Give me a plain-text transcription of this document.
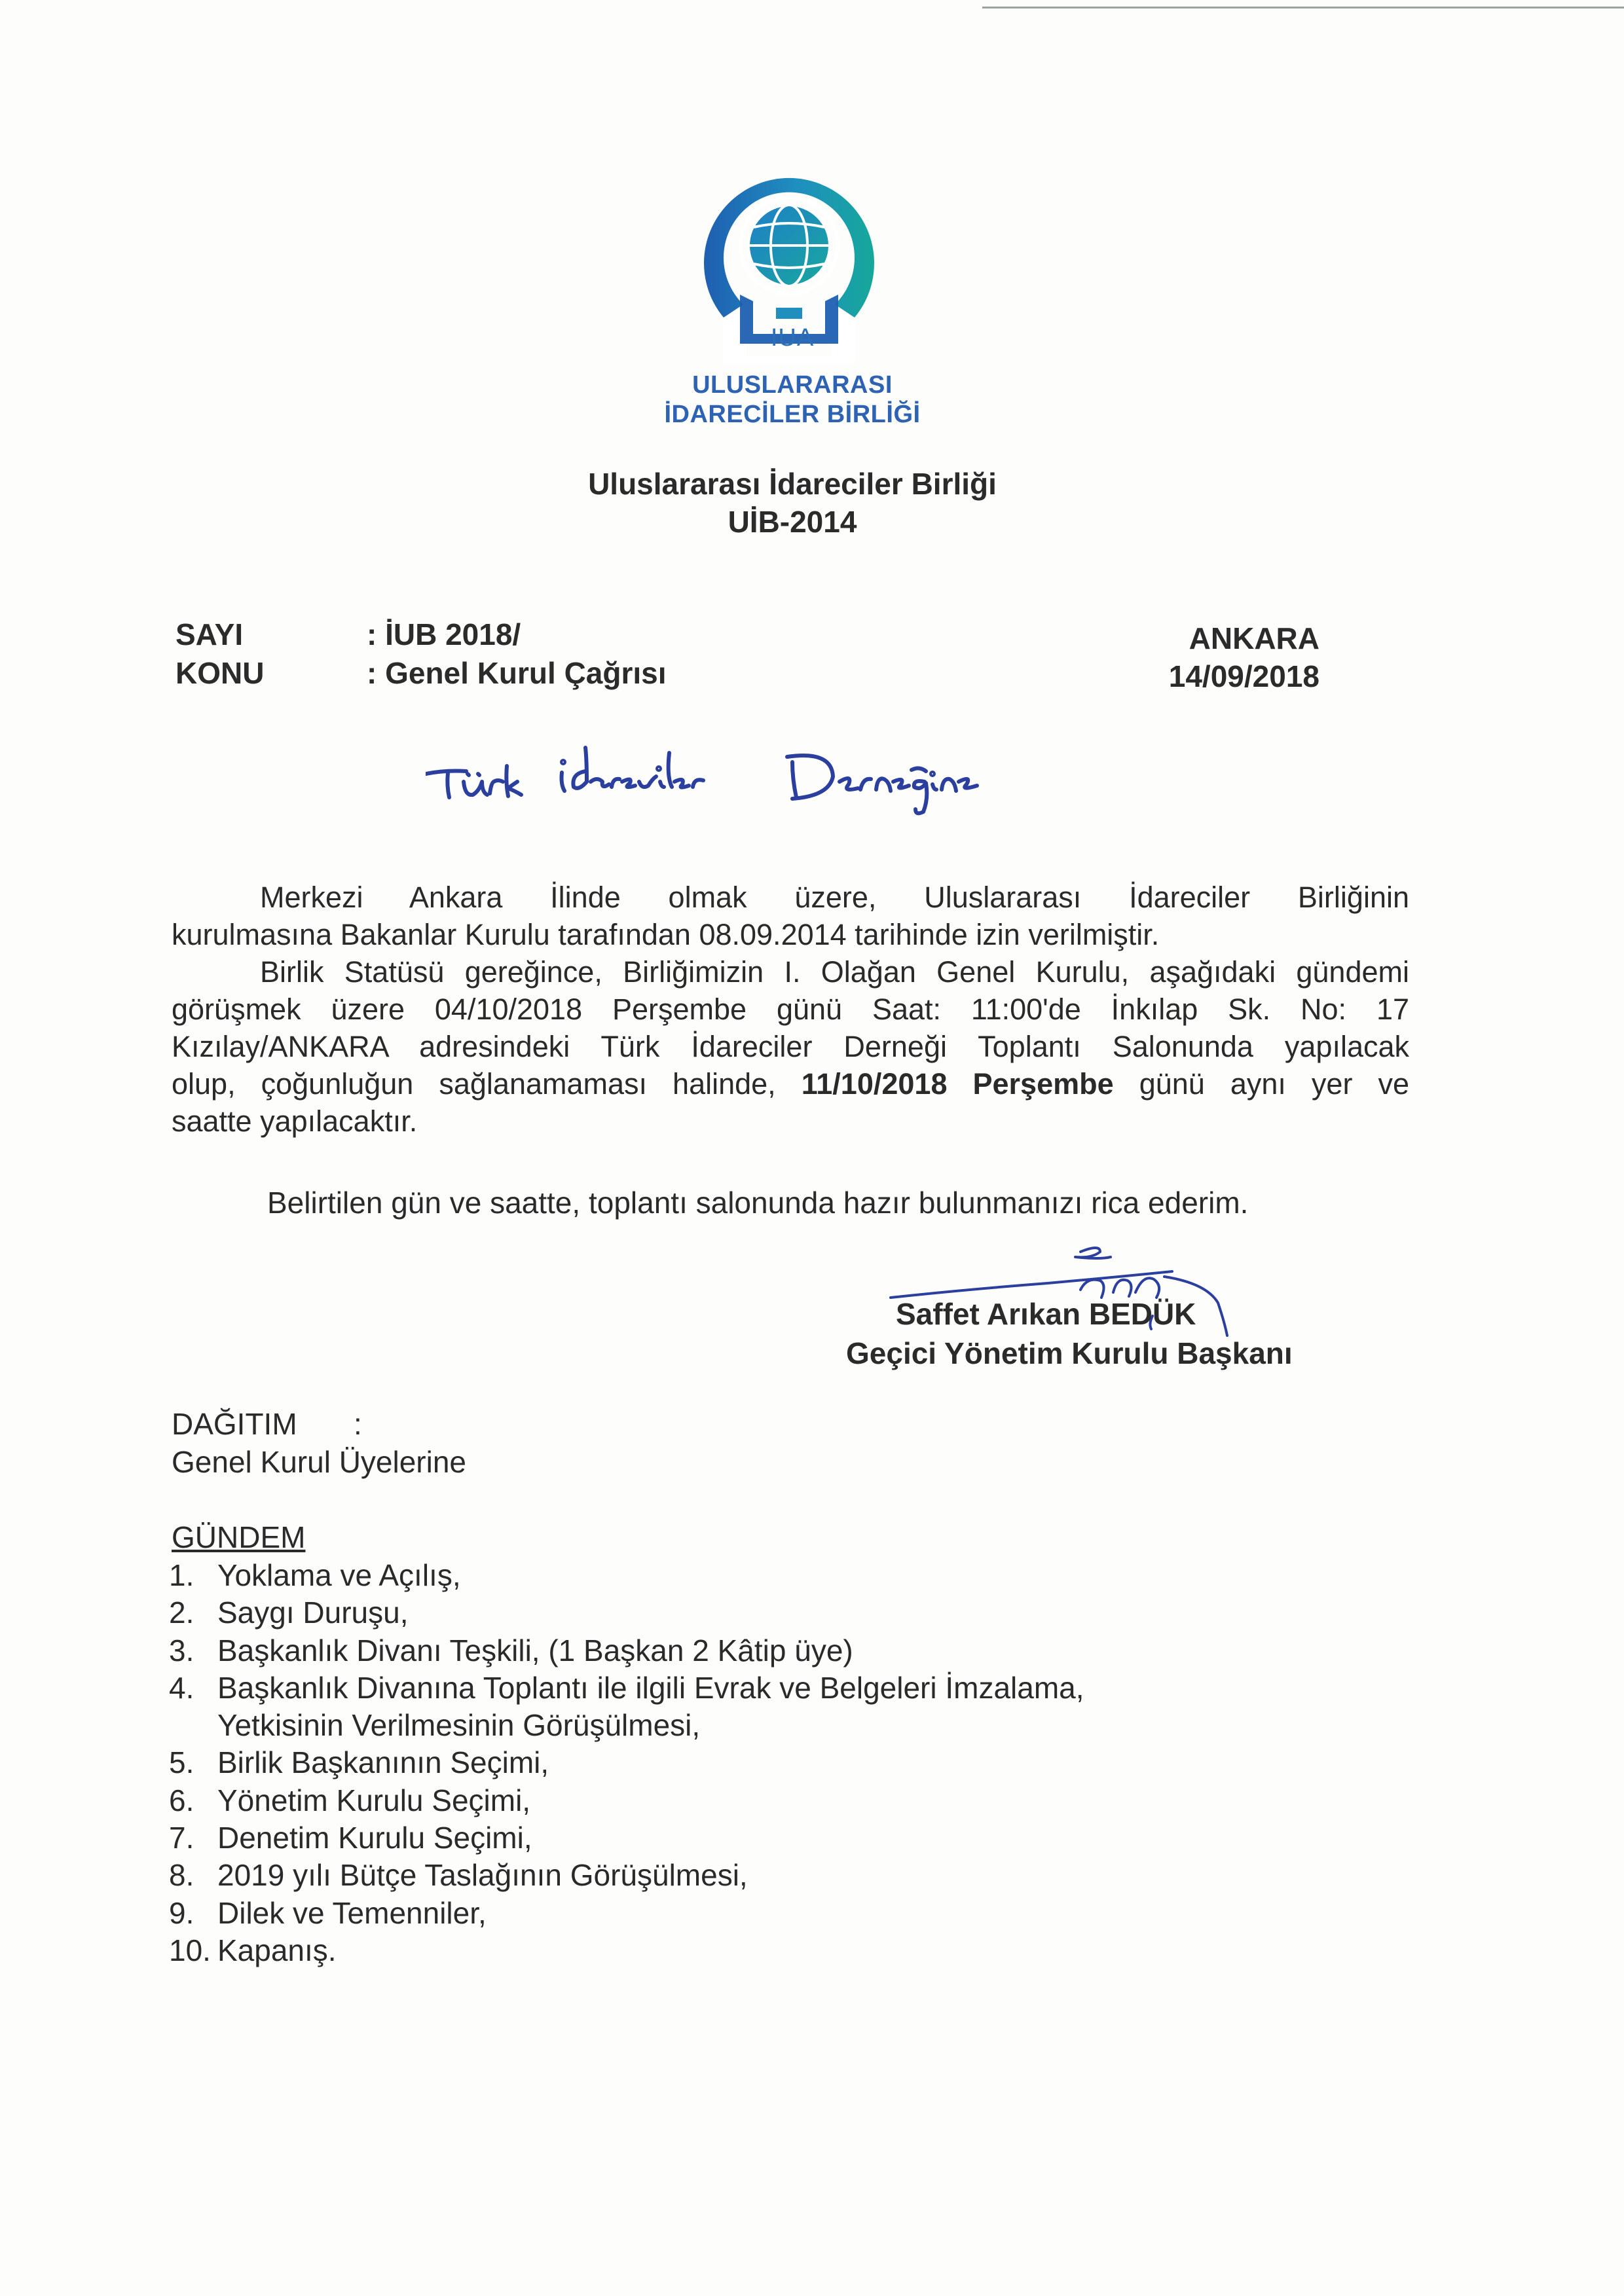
IUA
ULUSLARARASI
İDARECİLER BİRLİĞİ
Uluslararası İdareciler Birliği
UİB-2014
SAYI	: İUB 2018/
KONU	: Genel Kurul Çağrısı
ANKARA
14/09/2018
Merkezi Ankara İlinde olmak üzere, Uluslararası İdareciler Birliğinin
kurulmasına Bakanlar Kurulu tarafından 08.09.2014 tarihinde izin verilmiştir.
Birlik Statüsü gereğince, Birliğimizin I. Olağan Genel Kurulu, aşağıdaki gündemi
görüşmek üzere 04/10/2018 Perşembe günü Saat: 11:00'de İnkılap Sk. No: 17
Kızılay/ANKARA adresindeki Türk İdareciler Derneği Toplantı Salonunda yapılacak
olup, çoğunluğun sağlanamaması halinde, 11/10/2018 Perşembe günü aynı yer ve
saatte yapılacaktır.
Belirtilen gün ve saatte, toplantı salonunda hazır bulunmanızı rica ederim.
Saffet Arıkan BEDÜK
Geçici Yönetim Kurulu Başkanı
DAĞITIM :
Genel Kurul Üyelerine
GÜNDEM
1. Yoklama ve Açılış,
2. Saygı Duruşu,
3. Başkanlık Divanı Teşkili, (1 Başkan 2 Kâtip üye)
4. Başkanlık Divanına Toplantı ile ilgili Evrak ve Belgeleri İmzalama,
Yetkisinin Verilmesinin Görüşülmesi,
5. Birlik Başkanının Seçimi,
6. Yönetim Kurulu Seçimi,
7. Denetim Kurulu Seçimi,
8. 2019 yılı Bütçe Taslağının Görüşülmesi,
9. Dilek ve Temenniler,
10. Kapanış.
